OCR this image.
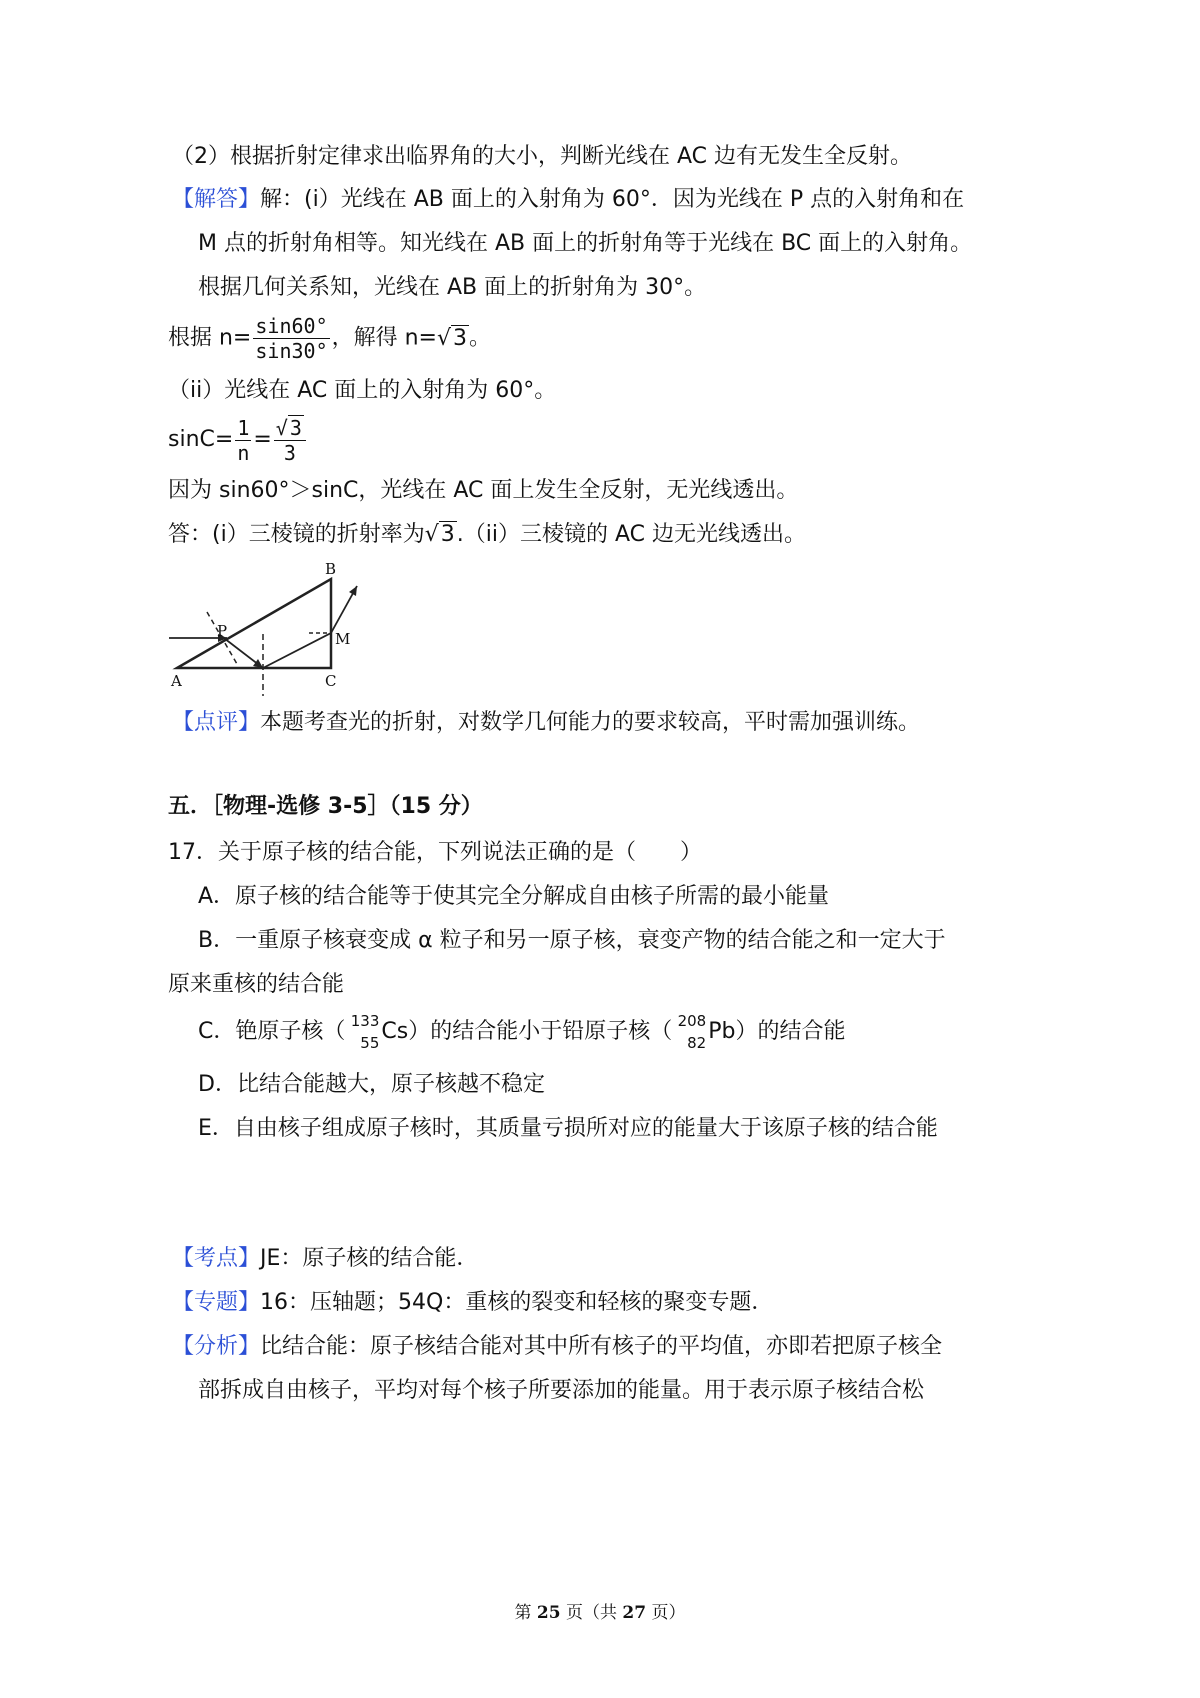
（2）根据折射定律求出临界角的大小，判断光线在 AC 边有无发生全反射。
【解答】解：(i）光线在 AB 面上的入射角为 60°．因为光线在 P 点的入射角和在
M 点的折射角相等。知光线在 AB 面上的折射角等于光线在 BC 面上的入射角。
根据几何关系知，光线在 AB 面上的折射角为 30°。
根据 $n= \frac{\sin 60^\circ}{\sin 30^\circ}$ ，解得 n=√3。
（ii）光线在 AC 面上的入射角为 60°。
$\sin C= \frac{1}{n} = \frac{√ 3}{3}$
因为 sin60°＞sinC，光线在 AC 面上发生全反射，无光线透出。
答：(i）三棱镜的折射率为√3.（ii）三棱镜的 AC 边无光线透出。
A
B
C
P	M
【点评】本题考查光的折射，对数学几何能力的要求较高，平时需加强训练。
五．［物理-选修 3-5］（15 分）
17．关于原子核的结合能，下列说法正确的是（　　）
A．原子核的结合能等于使其完全分解成自由核子所需的最小能量
B．一重原子核衰变成 α 粒子和另一原子核，衰变产物的结合能之和一定大于
原来重核的结合能
C．铯原子核（ 133
55 Cs）的结合能小于铅原子核（ 208
82 Pb）的结合能
D．比结合能越大，原子核越不稳定
E．自由核子组成原子核时，其质量亏损所对应的能量大于该原子核的结合能
【考点】JE：原子核的结合能．
【专题】16：压轴题；54Q：重核的裂变和轻核的聚变专题．
【分析】比结合能：原子核结合能对其中所有核子的平均值，亦即若把原子核全
部拆成自由核子，平均对每个核子所要添加的能量。用于表示原子核结合松
第 25 页（共 27 页）
